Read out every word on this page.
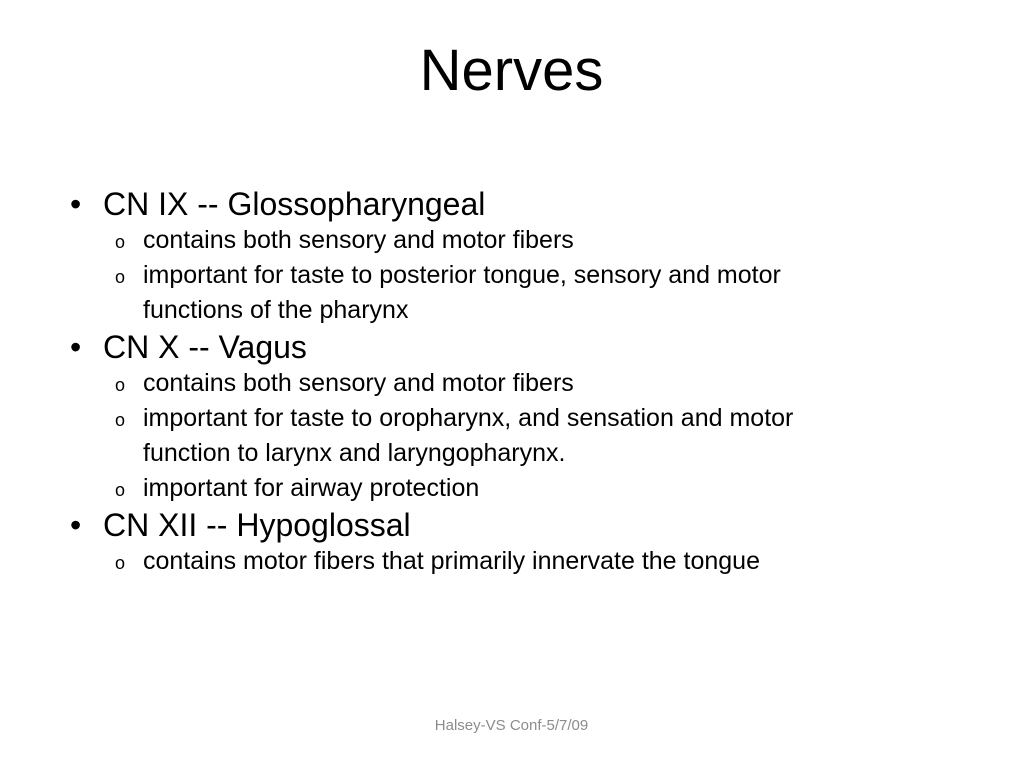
Nerves
• CN IX -- Glossopharyngeal
o contains both sensory and motor fibers
o important for taste to posterior tongue, sensory and motor
functions of the pharynx
• CN X -- Vagus
o contains both sensory and motor fibers
o important for taste to oropharynx, and sensation and motor
function to larynx and laryngopharynx.
o important for airway protection
• CN XII -- Hypoglossal
o contains motor fibers that primarily innervate the tongue
Halsey-VS Conf-5/7/09
